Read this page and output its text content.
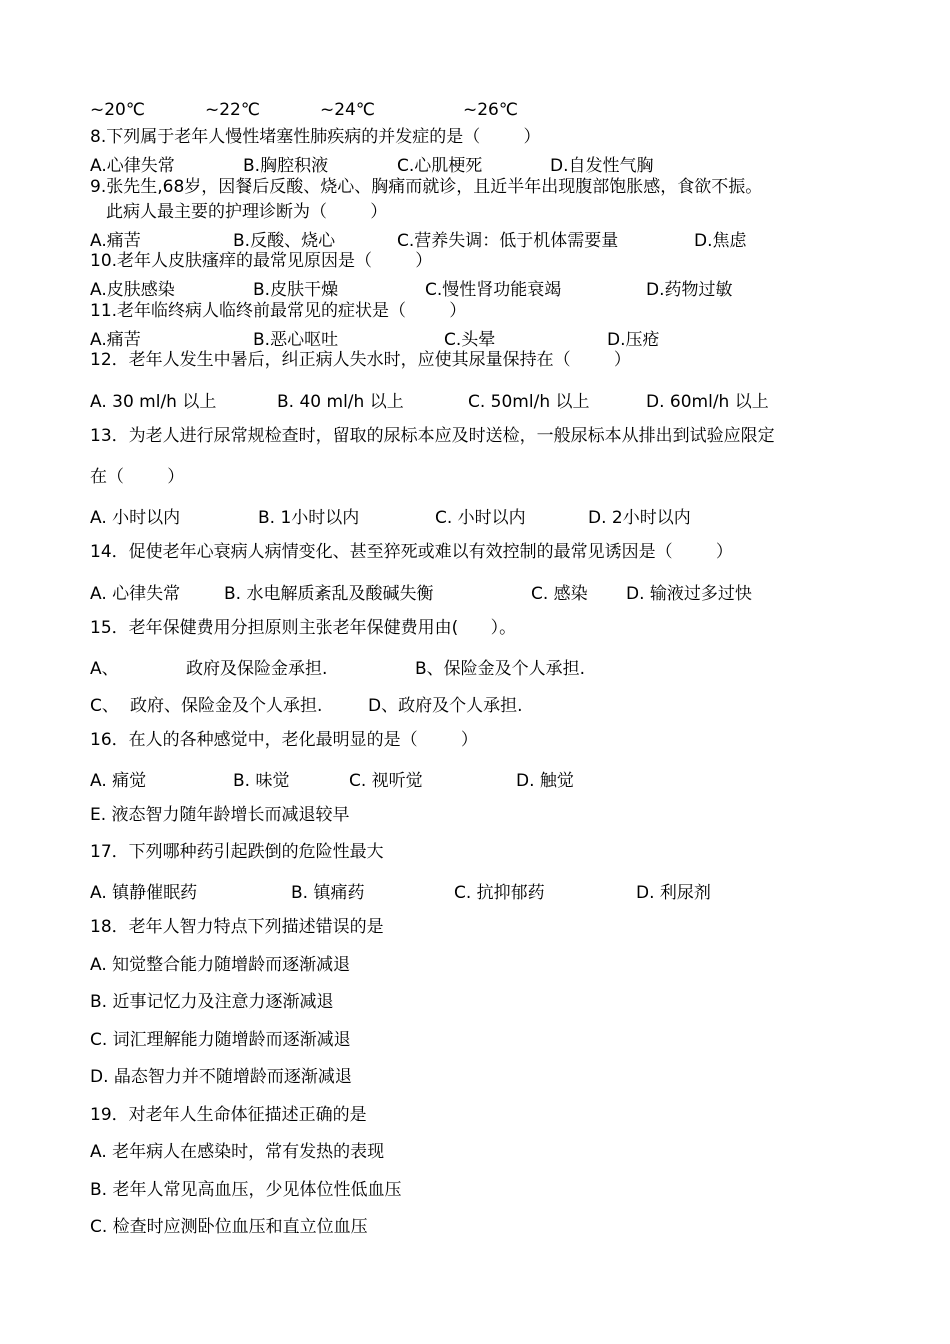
~20℃	~22℃	~24℃	~26℃
8.下列属于老年人慢性堵塞性肺疾病的并发症的是（        ）
A.心律失常	B.胸腔积液	C.心肌梗死	D.自发性气胸
9.张先生,68岁，因餐后反酸、烧心、胸痛而就诊，且近半年出现腹部饱胀感，食欲不振。
此病人最主要的护理诊断为（        ）
A.痛苦	B.反酸、烧心	C.营养失调：低于机体需要量	D.焦虑
10.老年人皮肤瘙痒的最常见原因是（        ）
A.皮肤感染	B.皮肤干燥	C.慢性肾功能衰竭	D.药物过敏
11.老年临终病人临终前最常见的症状是（        ）
A.痛苦	B.恶心呕吐	C.头晕	D.压疮
12．老年人发生中暑后，纠正病人失水时，应使其尿量保持在（        ）
A. 30 ml/h 以上	B. 40 ml/h 以上	C. 50ml/h 以上	D. 60ml/h 以上
13．为老人进行尿常规检查时，留取的尿标本应及时送检，一般尿标本从排出到试验应限定
在（        ）
A. 小时以内	B. 1小时以内	C. 小时以内	D. 2小时以内
14．促使老年心衰病人病情变化、甚至猝死或难以有效控制的最常见诱因是（        ）
A. 心律失常	B. 水电解质紊乱及酸碱失衡	C. 感染 D. 输液过多过快
15．老年保健费用分担原则主张老年保健费用由(      ）。
A、	政府及保险金承担.	B、保险金及个人承担.
C、 政府、保险金及个人承担.	D、政府及个人承担.
16．在人的各种感觉中，老化最明显的是（        ）
A. 痛觉	B. 味觉	C. 视听觉	D. 触觉
E. 液态智力随年龄增长而减退较早
17．下列哪种药引起跌倒的危险性最大
A. 镇静催眠药	B. 镇痛药	C. 抗抑郁药	D. 利尿剂
18．老年人智力特点下列描述错误的是
A. 知觉整合能力随增龄而逐渐减退
B. 近事记忆力及注意力逐渐减退
C. 词汇理解能力随增龄而逐渐减退
D. 晶态智力并不随增龄而逐渐减退
19．对老年人生命体征描述正确的是
A. 老年病人在感染时，常有发热的表现
B. 老年人常见高血压，少见体位性低血压
C. 检查时应测卧位血压和直立位血压
